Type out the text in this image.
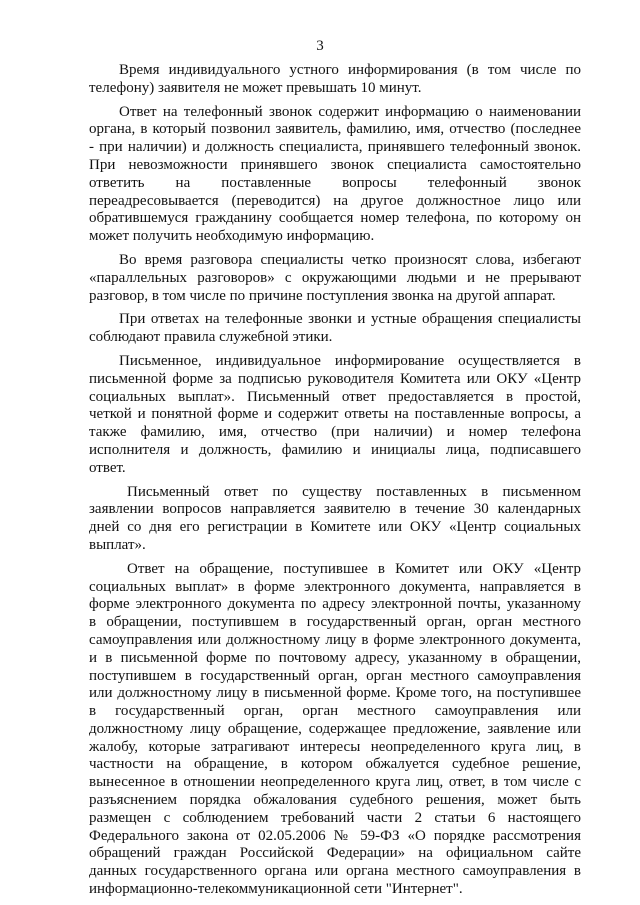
3
Время индивидуального устного информирования (в том числе по
телефону) заявителя не может превышать 10 минут.
Ответ на телефонный звонок содержит информацию о наименовании
органа, в который позвонил заявитель, фамилию, имя, отчество (последнее
- при наличии) и должность специалиста, принявшего телефонный звонок.
При невозможности принявшего звонок специалиста самостоятельно
ответить на поставленные вопросы телефонный звонок
переадресовывается (переводится) на другое должностное лицо или
обратившемуся гражданину сообщается номер телефона, по которому он
может получить необходимую информацию.
Во время разговора специалисты четко произносят слова, избегают
«параллельных разговоров» с окружающими людьми и не прерывают
разговор, в том числе по причине поступления звонка на другой аппарат.
При ответах на телефонные звонки и устные обращения специалисты
соблюдают правила служебной этики.
Письменное, индивидуальное информирование осуществляется в
письменной форме за подписью руководителя Комитета или ОКУ «Центр
социальных выплат». Письменный ответ предоставляется в простой,
четкой и понятной форме и содержит ответы на поставленные вопросы, а
также фамилию, имя, отчество (при наличии) и номер телефона
исполнителя и должность, фамилию и инициалы лица, подписавшего
ответ.
Письменный ответ по существу поставленных в письменном
заявлении вопросов направляется заявителю в течение 30 календарных
дней со дня его регистрации в Комитете или ОКУ «Центр социальных
выплат».
Ответ на обращение, поступившее в Комитет или ОКУ «Центр
социальных выплат» в форме электронного документа, направляется в
форме электронного документа по адресу электронной почты, указанному
в обращении, поступившем в государственный орган, орган местного
самоуправления или должностному лицу в форме электронного документа,
и в письменной форме по почтовому адресу, указанному в обращении,
поступившем в государственный орган, орган местного самоуправления
или должностному лицу в письменной форме. Кроме того, на поступившее
в государственный орган, орган местного самоуправления или
должностному лицу обращение, содержащее предложение, заявление или
жалобу, которые затрагивают интересы неопределенного круга лиц, в
частности на обращение, в котором обжалуется судебное решение,
вынесенное в отношении неопределенного круга лиц, ответ, в том числе с
разъяснением порядка обжалования судебного решения, может быть
размещен с соблюдением требований части 2 статьи 6 настоящего
Федерального закона от 02.05.2006 № 59-ФЗ «О порядке рассмотрения
обращений граждан Российской Федерации» на официальном сайте
данных государственного органа или органа местного самоуправления в
информационно-телекоммуникационной сети "Интернет".
